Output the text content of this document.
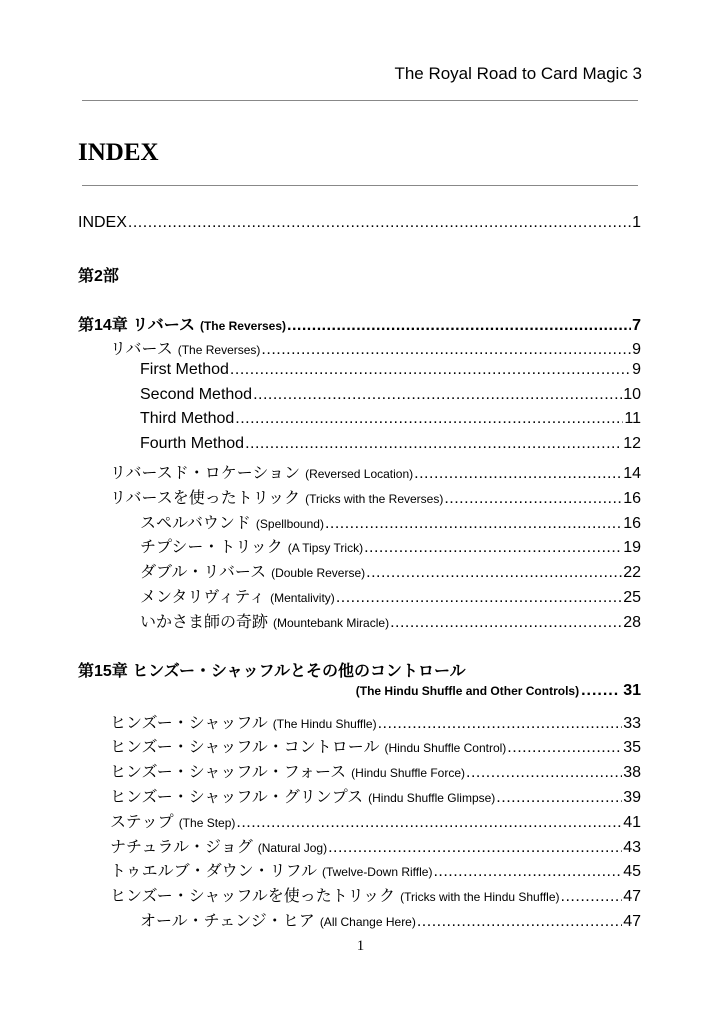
The Royal Road to Card Magic 3
INDEX
INDEX .....	1
第2部
第14章 リバース (The Reverses) .....	7
リバース (The Reverses) .....	9
First Method .....	9
Second Method .....	10
Third Method .....	11
Fourth Method .....	12
リバースド・ロケーション (Reversed Location) .....	14
リバースを使ったトリック (Tricks with the Reverses) .....	16
スペルバウンド (Spellbound) .....	16
チプシー・トリック (A Tipsy Trick) .....	19
ダブル・リバース (Double Reverse) .....	22
メンタリヴィティ (Mentalivity) .....	25
いかさま師の奇跡 (Mountebank Miracle) .....	28
第15章 ヒンズー・シャッフルとその他のコントロール
(The Hindu Shuffle and Other Controls) ....... 31
ヒンズー・シャッフル (The Hindu Shuffle) .....	33
ヒンズー・シャッフル・コントロール (Hindu Shuffle Control) .....	35
ヒンズー・シャッフル・フォース (Hindu Shuffle Force) .....	38
ヒンズー・シャッフル・グリンプス (Hindu Shuffle Glimpse) .....	39
ステップ (The Step) .....	41
ナチュラル・ジョグ (Natural Jog) .....	43
トゥエルブ・ダウン・リフル (Twelve-Down Riffle) .....	45
ヒンズー・シャッフルを使ったトリック (Tricks with the Hindu Shuffle) .....	47
オール・チェンジ・ヒア (All Change Here) .....	47
1
